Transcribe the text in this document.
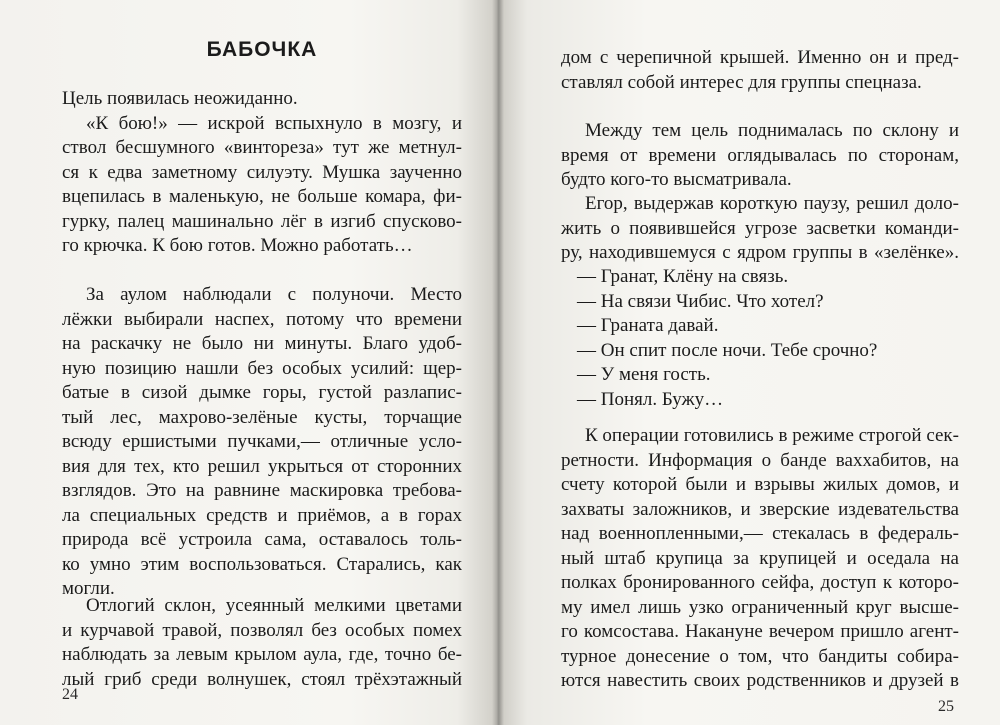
БАБОЧКА
Цель появилась неожиданно.
«К бою!» — искрой вспыхнуло в мозгу, и
ствол бесшумного «винтореза» тут же метнул-
ся к едва заметному силуэту. Мушка заученно
вцепилась в маленькую, не больше комара, фи-
гурку, палец машинально лёг в изгиб спусково-
го крючка. К бою готов. Можно работать…
За аулом наблюдали с полуночи. Место
лёжки выбирали наспех, потому что времени
на раскачку не было ни минуты. Благо удоб-
ную позицию нашли без особых усилий: щер-
батые в сизой дымке горы, густой разлапис-
тый лес, махрово-зелёные кусты, торчащие
всюду ершистыми пучками,— отличные усло-
вия для тех, кто решил укрыться от сторонних
взглядов. Это на равнине маскировка требова-
ла специальных средств и приёмов, а в горах
природа всё устроила сама, оставалось толь-
ко умно этим воспользоваться. Старались, как
могли.
Отлогий склон, усеянный мелкими цветами
и курчавой травой, позволял без особых помех
наблюдать за левым крылом аула, где, точно бе-
лый гриб среди волнушек, стоял трёхэтажный
24
дом с черепичной крышей. Именно он и пред-
ставлял собой интерес для группы спецназа.
Между тем цель поднималась по склону и
время от времени оглядывалась по сторонам,
будто кого-то высматривала.
Егор, выдержав короткую паузу, решил доло-
жить о появившейся угрозе засветки команди-
ру, находившемуся с ядром группы в «зелёнке».
— Гранат, Клёну на связь.
— На связи Чибис. Что хотел?
— Граната давай.
— Он спит после ночи. Тебе срочно?
— У меня гость.
— Понял. Бужу…
К операции готовились в режиме строгой сек-
ретности. Информация о банде ваххабитов, на
счету которой были и взрывы жилых домов, и
захваты заложников, и зверские издевательства
над военнопленными,— стекалась в федераль-
ный штаб крупица за крупицей и оседала на
полках бронированного сейфа, доступ к которо-
му имел лишь узко ограниченный круг высше-
го комсостава. Накануне вечером пришло агент-
турное донесение о том, что бандиты собира-
ются навестить своих родственников и друзей в
25
